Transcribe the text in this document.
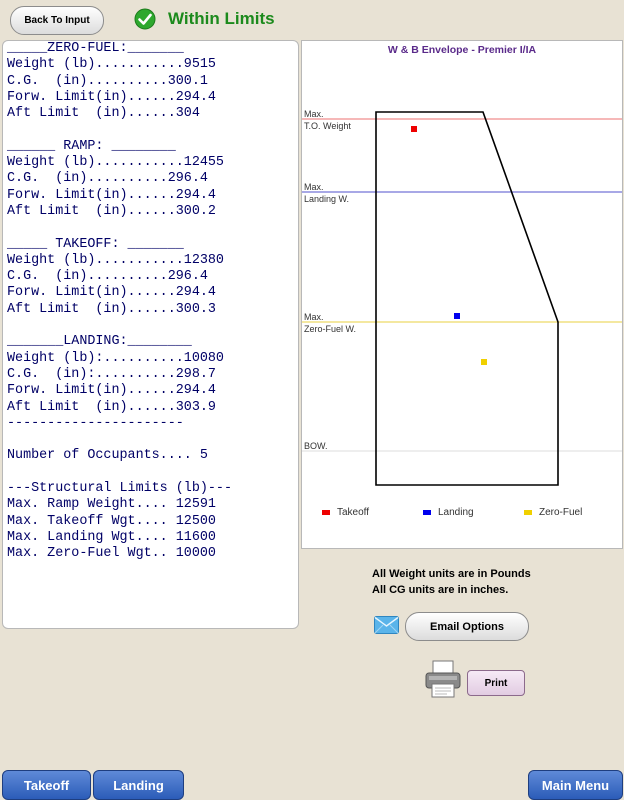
Back To Input	Within Limits
_____ZERO-FUEL:_______
Weight (lb)...........9515
C.G.  (in)..........300.1
Forw. Limit(in)......294.4
Aft Limit  (in)......304

______ RAMP: ________
Weight (lb)...........12455
C.G.  (in)..........296.4
Forw. Limit(in)......294.4
Aft Limit  (in)......300.2

_____ TAKEOFF: _______
Weight (lb)...........12380
C.G.  (in)..........296.4
Forw. Limit(in)......294.4
Aft Limit  (in)......300.3

_______LANDING:________
Weight (lb):..........10080
C.G.  (in):..........298.7
Forw. Limit(in)......294.4
Aft Limit  (in)......303.9
----------------------

Number of Occupants.... 5

---Structural Limits (lb)---
Max. Ramp Weight.... 12591
Max. Takeoff Wgt.... 12500
Max. Landing Wgt.... 11600
Max. Zero-Fuel Wgt.. 10000

W & B Envelope - Premier I/IA
Max.
T.O. Weight
Max.
Landing W.
Max.
Zero-Fuel W.
BOW.
Takeoff	Landing	Zero-Fuel
All Weight units are in Pounds
All CG units are in inches.
Email Options
Print
Takeoff	Landing	Main Menu
